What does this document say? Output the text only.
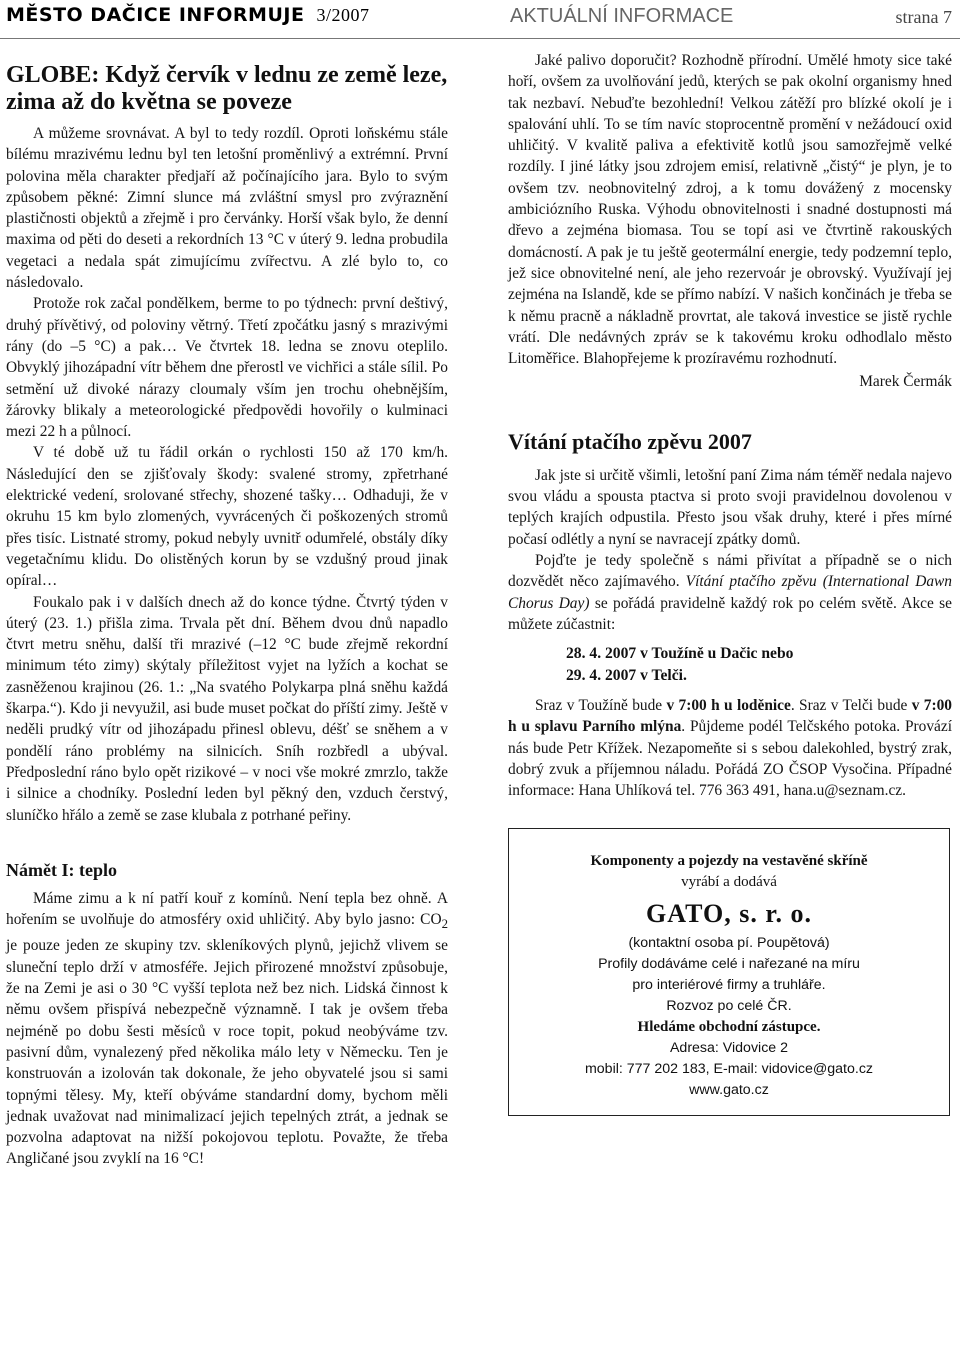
MĚSTO DAČICE INFORMUJE 3/2007	AKTUÁLNÍ INFORMACE	strana 7
GLOBE: Když červík v lednu ze země leze, zima až do května se poveze

A můžeme srovnávat. A byl to tedy rozdíl. Oproti loňskému stále bílému mrazivému lednu byl ten letošní proměnlivý a extrémní. První polovina měla charakter předjaří až počínajícího jara. Bylo to svým způsobem pěkné: Zimní slunce má zvláštní smysl pro zvýraznění plastičnosti objektů a zřejmě i pro červánky. Horší však bylo, že denní maxima od pěti do deseti a rekordních 13 °C v úterý 9. ledna probudila vegetaci a nedala spát zimujícímu zvířectvu. A zlé bylo to, co následovalo.

Protože rok začal pondělkem, berme to po týdnech: první deštivý, druhý přívětivý, od poloviny větrný. Třetí zpočátku jasný s mrazivými rány (do –5 °C) a pak… Ve čtvrtek 18. ledna se znovu oteplilo. Obvyklý jihozápadní vítr během dne přerostl ve vichřici a stále sílil. Po setmění už divoké nárazy cloumaly vším jen trochu ohebnějším, žárovky blikaly a meteorologické předpovědi hovořily o kulminaci mezi 22 h a půlnocí.

V té době už tu řádil orkán o rychlosti 150 až 170 km/h. Následující den se zjišťovaly škody: svalené stromy, zpřetrhané elektrické vedení, srolované střechy, shozené tašky… Odhaduji, že v okruhu 15 km bylo zlomených, vyvrácených či poškozených stromů přes tisíc. Listnaté stromy, pokud nebyly uvnitř odumřelé, obstály díky vegetačnímu klidu. Do olistěných korun by se vzdušný proud jinak opíral…

Foukalo pak i v dalších dnech až do konce týdne. Čtvrtý týden v úterý (23. 1.) přišla zima. Trvala pět dní. Během dvou dnů napadlo čtvrt metru sněhu, další tři mrazivé (–12 °C bude zřejmě rekordní minimum této zimy) skýtaly příležitost vyjet na lyžích a kochat se zasněženou krajinou (26. 1.: „Na svatého Polykarpa plná sněhu každá škarpa.“). Kdo ji nevyužil, asi bude muset počkat do příští zimy. Ještě v neděli prudký vítr od jihozápadu přinesl oblevu, déšť se sněhem a v pondělí ráno problémy na silnicích. Sníh rozbředl a ubýval. Předposlední ráno bylo opět rizikové – v noci vše mokré zmrzlo, takže i silnice a chodníky. Poslední leden byl pěkný den, vzduch čerstvý, sluníčko hřálo a země se zase klubala z potrhané peřiny.

Námět I: teplo

Máme zimu a k ní patří kouř z komínů. Není tepla bez ohně. A hořením se uvolňuje do atmosféry oxid uhličitý. Aby bylo jasno: $CO_2$ je pouze jeden ze skupiny tzv. skleníkových plynů, jejichž vlivem se sluneční teplo drží v atmosféře. Jejich přirozené množství způsobuje, že na Zemi je asi o 30 °C vyšší teplota než bez nich. Lidská činnost k němu ovšem přispívá nebezpečně významně. I tak je ovšem třeba nejméně po dobu šesti měsíců v roce topit, pokud neobýváme tzv. pasivní dům, vynalezený před několika málo lety v Německu. Ten je konstruován a izolován tak dokonale, že jeho obyvatelé jsou si sami topnými tělesy. My, kteří obýváme standardní domy, bychom měli jednak uvažovat nad minimalizací jejich tepelných ztrát, a jednak se pozvolna adaptovat na nižší pokojovou teplotu. Považte, že třeba Angličané jsou zvyklí na 16 °C!

Jaké palivo doporučit? Rozhodně přírodní. Umělé hmoty sice také hoří, ovšem za uvolňování jedů, kterých se pak okolní organismy hned tak nezbaví. Nebuďte bezohlední! Velkou zátěží pro blízké okolí je i spalování uhlí. To se tím navíc stoprocentně promění v nežádoucí oxid uhličitý. V kvalitě paliva a efektivitě kotlů jsou samozřejmě velké rozdíly. I jiné látky jsou zdrojem emisí, relativně „čistý“ je plyn, je to ovšem tzv. neobnovitelný zdroj, a k tomu dovážený z mocensky ambiciózního Ruska. Výhodu obnovitelnosti i snadné dostupnosti má dřevo a zejména biomasa. Tou se topí asi ve čtvrtině rakouských domácností. A pak je tu ještě geotermální energie, tedy podzemní teplo, jež sice obnovitelné není, ale jeho rezervoár je obrovský. Využívají jej zejména na Islandě, kde se přímo nabízí. V našich končinách je třeba se k němu pracně a nákladně provrtat, ale taková investice se jistě rychle vrátí. Dle nedávných zpráv se k takovému kroku odhodlalo město Litoměřice. Blahopřejeme k prozíravému rozhodnutí.

Marek Čermák

Vítání ptačího zpěvu 2007

Jak jste si určitě všimli, letošní paní Zima nám téměř nedala najevo svou vládu a spousta ptactva si proto svoji pravidelnou dovolenou v teplých krajích odpustila. Přesto jsou však druhy, které i přes mírné počasí odlétly a nyní se navracejí zpátky domů.

Pojďte je tedy společně s námi přivítat a případně se o nich dozvědět něco zajímavého. Vítání ptačího zpěvu (International Dawn Chorus Day) se pořádá pravidelně každý rok po celém světě. Akce se můžete zúčastnit:

28. 4. 2007 v Toužíně u Dačic nebo
29. 4. 2007 v Telči.

Sraz v Toužíně bude v 7:00 h u loděnice. Sraz v Telči bude v 7:00 h u splavu Parního mlýna. Půjdeme podél Telčského potoka. Provází nás bude Petr Křížek. Nezapomeňte si s sebou dalekohled, bystrý zrak, dobrý zvuk a příjemnou náladu. Pořádá ZO ČSOP Vysočina. Případné informace: Hana Uhlíková tel. 776 363 491, hana.u@seznam.cz.

Komponenty a pojezdy na vestavěné skříně
vyrábí a dodává
GATO, s. r. o.
(kontaktní osoba pí. Poupětová)
Profily dodáváme celé i nařezané na míru
pro interiérové firmy a truhláře.
Rozvoz po celé ČR.
Hledáme obchodní zástupce.
Adresa: Vidovice 2
mobil: 777 202 183, E-mail: vidovice@gato.cz
www.gato.cz
